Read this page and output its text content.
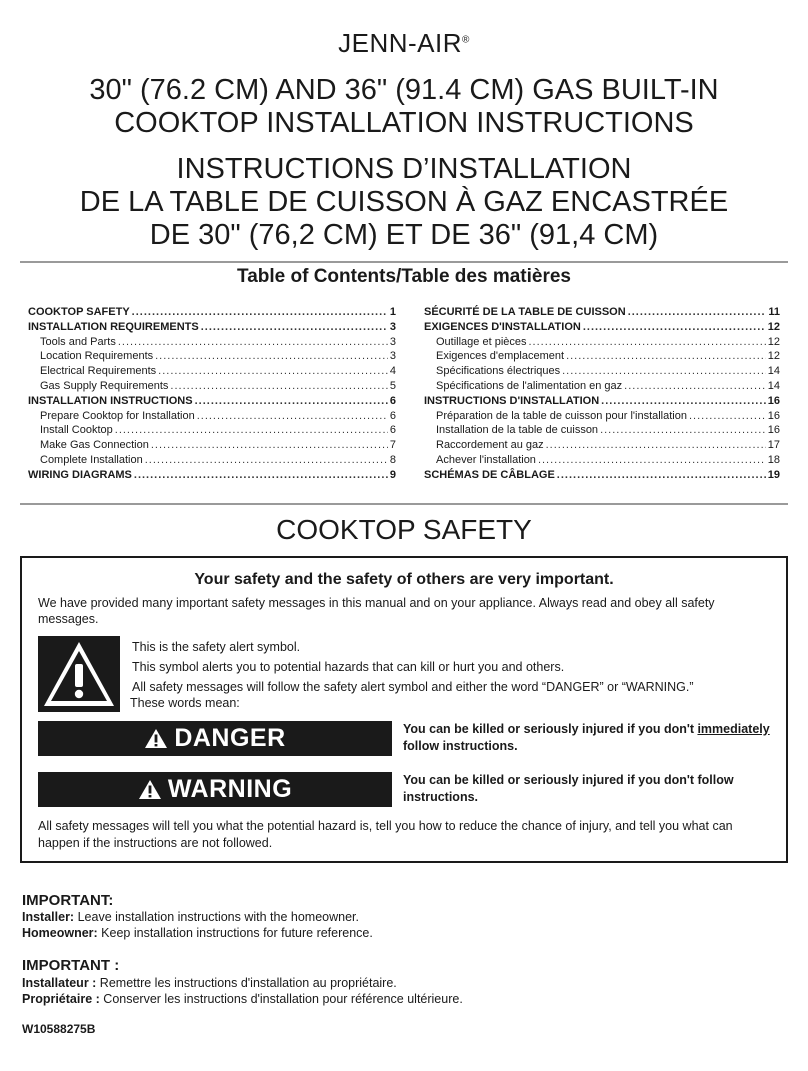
JENN-AIR®
30" (76.2 CM) AND 36" (91.4 CM) GAS BUILT-IN
COOKTOP INSTALLATION INSTRUCTIONS
INSTRUCTIONS D’INSTALLATION
DE LA TABLE DE CUISSON À GAZ ENCASTRÉE
DE 30" (76,2 CM) ET DE 36" (91,4 CM)
Table of Contents/Table des matières
COOKTOP SAFETY .....	1
INSTALLATION REQUIREMENTS .....	3
Tools and Parts .....	3
Location Requirements .....	3
Electrical Requirements .....	4
Gas Supply Requirements .....	5
INSTALLATION INSTRUCTIONS .....	6
Prepare Cooktop for Installation .....	6
Install Cooktop .....	6
Make Gas Connection .....	7
Complete Installation .....	8
WIRING DIAGRAMS .....	9
SÉCURITÉ DE LA TABLE DE CUISSON .....	11
EXIGENCES D'INSTALLATION .....	12
Outillage et pièces .....	12
Exigences d'emplacement .....	12
Spécifications électriques .....	14
Spécifications de l'alimentation en gaz .....	14
INSTRUCTIONS D'INSTALLATION .....	16
Préparation de la table de cuisson pour l'installation .....	16
Installation de la table de cuisson .....	16
Raccordement au gaz .....	17
Achever l'installation .....	18
SCHÉMAS DE CÂBLAGE .....	19
COOKTOP SAFETY
Your safety and the safety of others are very important.
We have provided many important safety messages in this manual and on your appliance. Always read and obey all safety messages.
This is the safety alert symbol.
This symbol alerts you to potential hazards that can kill or hurt you and others.
All safety messages will follow the safety alert symbol and either the word “DANGER” or “WARNING.”
These words mean:
DANGER	You can be killed or seriously injured if you don't immediately
follow instructions.
WARNING	You can be killed or seriously injured if you don't follow
instructions.
All safety messages will tell you what the potential hazard is, tell you how to reduce the chance of injury, and tell you what can happen if the instructions are not followed.
IMPORTANT:
Installer: Leave installation instructions with the homeowner.
Homeowner: Keep installation instructions for future reference.
IMPORTANT :
Installateur : Remettre les instructions d'installation au propriétaire.
Propriétaire : Conserver les instructions d'installation pour référence ultérieure.
W10588275B
